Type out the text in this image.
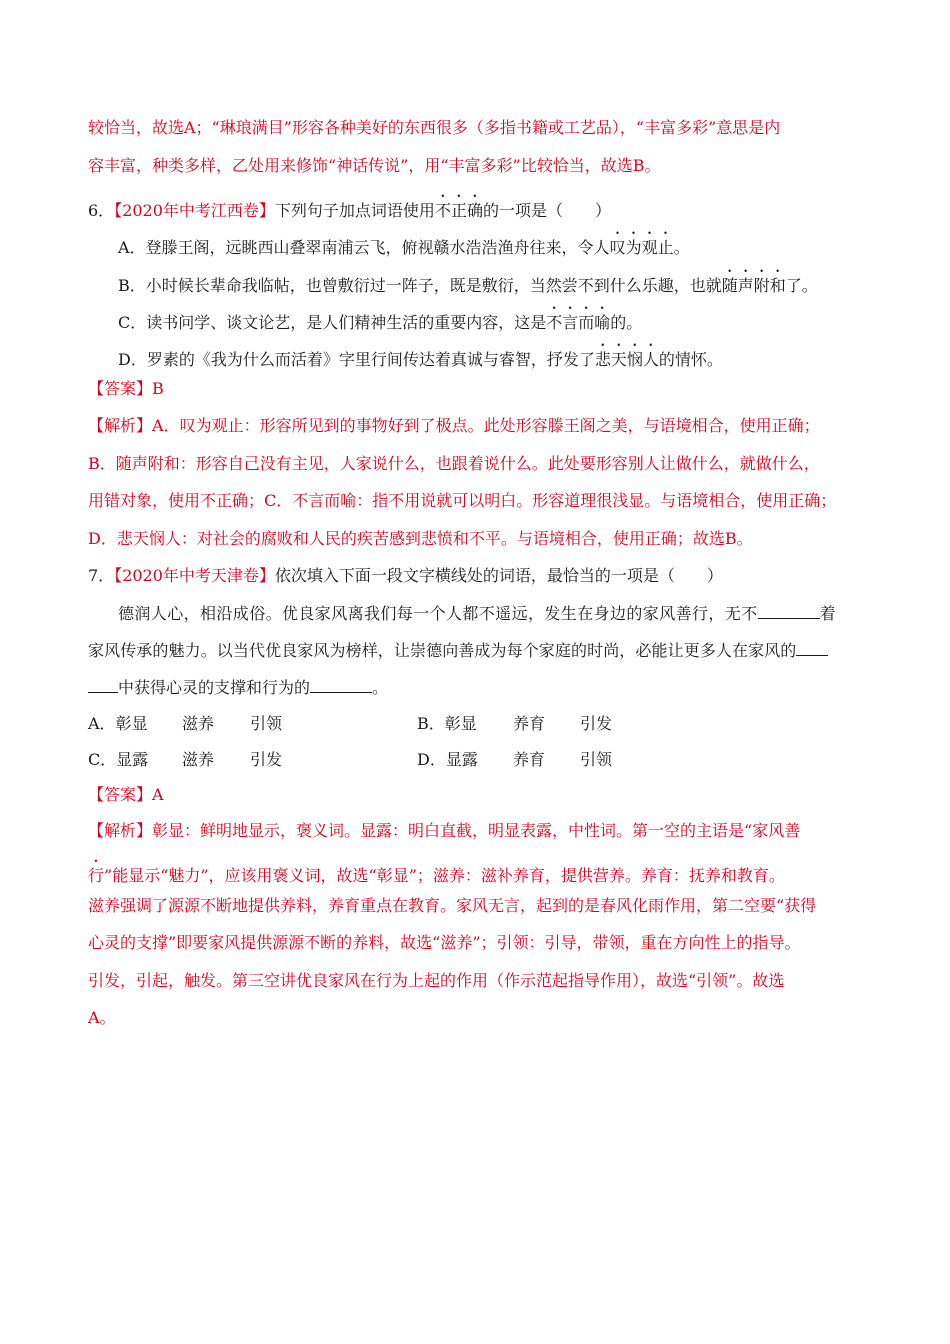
较恰当，故选A；“琳琅满目”形容各种美好的东西很多（多指书籍或工艺品），“丰富多彩”意思是内
容丰富，种类多样，乙处用来修饰“神话传说”，用“丰富多彩”比较恰当，故选B。
6．【2020年中考江西卷】下列句子加点词语使用不正确的一项是（　　）
A．登滕王阁，远眺西山叠翠南浦云飞，俯视赣水浩浩渔舟往来，令人叹为观止。
B．小时候长辈命我临帖，也曾敷衍过一阵子，既是敷衍，当然尝不到什么乐趣，也就随声附和了。
C．读书问学、谈文论艺，是人们精神生活的重要内容，这是不言而喻的。
D．罗素的《我为什么而活着》字里行间传达着真诚与睿智，抒发了悲天悯人的情怀。
【答案】B
【解析】A．叹为观止：形容所见到的事物好到了极点。此处形容滕王阁之美，与语境相合，使用正确；
B．随声附和：形容自己没有主见，人家说什么，也跟着说什么。此处要形容别人让做什么，就做什么，
用错对象，使用不正确；C．不言而喻：指不用说就可以明白。形容道理很浅显。与语境相合，使用正确；
D．悲天悯人：对社会的腐败和人民的疾苦感到悲愤和不平。与语境相合，使用正确；故选B。
7．【2020年中考天津卷】依次填入下面一段文字横线处的词语，最恰当的一项是（　　）
德润人心，相沿成俗。优良家风离我们每一个人都不遥远，发生在身边的家风善行，无不	着
家风传承的魅力。以当代优良家风为榜样，让崇德向善成为每个家庭的时尚，必能让更多人在家风的
中获得心灵的支撑和行为的	。
A．彰显 滋养 引领	B．彰显 养育 引发
C．显露 滋养 引发	D．显露 养育 引领
【答案】A
【解析】彰显：鲜明地显示，褒义词。显露：明白直截，明显表露，中性词。第一空的主语是“家风善
行”能显示“魅力”，应该用褒义词，故选“彰显”；滋养：滋补养育，提供营养。养育：抚养和教育。
滋养强调了源源不断地提供养料，养育重点在教育。家风无言，起到的是春风化雨作用，第二空要“获得
心灵的支撑”即要家风提供源源不断的养料，故选“滋养”；引领：引导，带领，重在方向性上的指导。
引发，引起，触发。第三空讲优良家风在行为上起的作用（作示范起指导作用），故选“引领”。故选
A。
